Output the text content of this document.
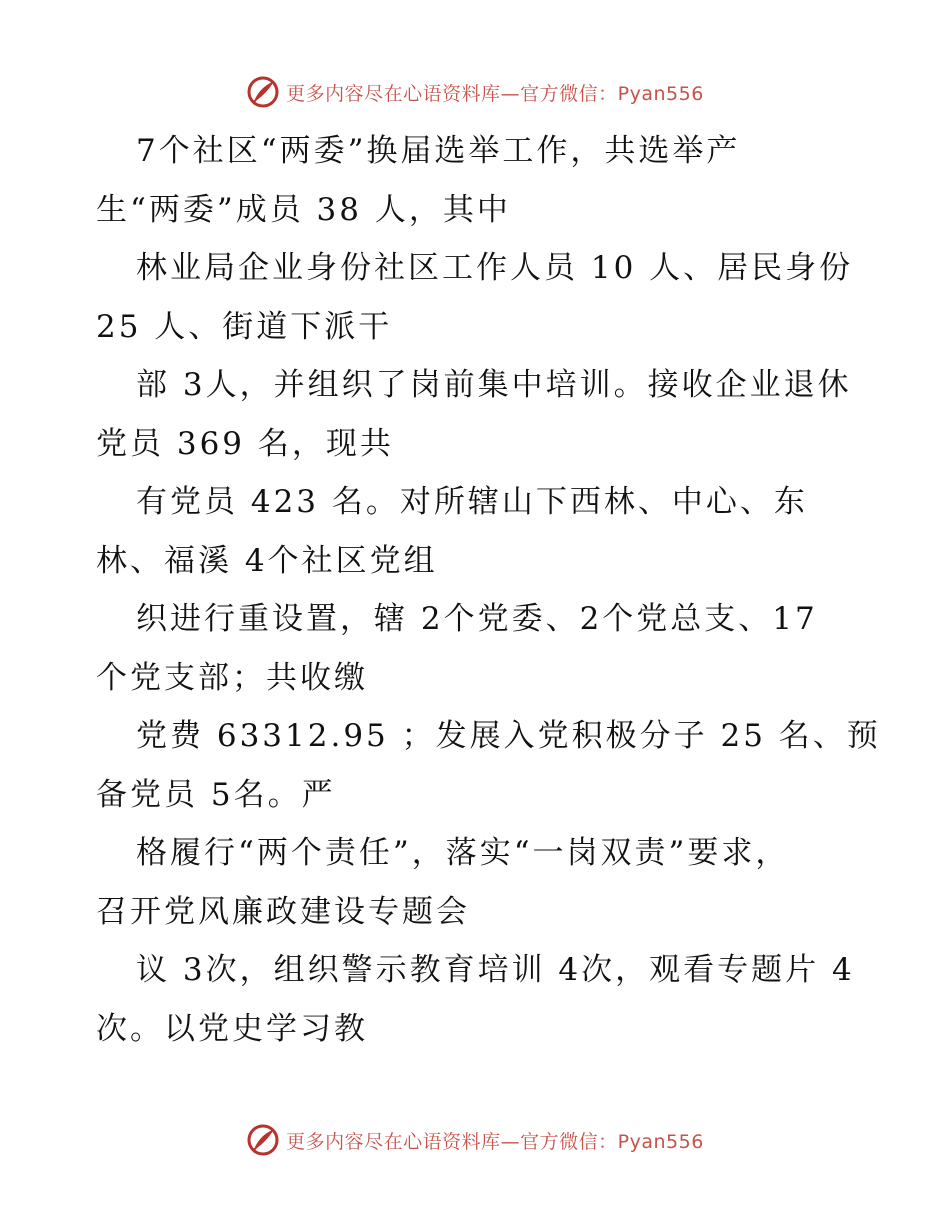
更多内容尽在心语资料库—官方微信：Pyan556
7个社区“两委”换届选举工作，共选举产
生“两委”成员 38 人，其中
林业局企业身份社区工作人员 10 人、居民身份
25 人、街道下派干
部 3人，并组织了岗前集中培训。接收企业退休
党员 369 名，现共
有党员 423 名。对所辖山下西林、中心、东
林、福溪 4个社区党组
织进行重设置，辖 2个党委、2个党总支、17
个党支部；共收缴
党费 63312.95 ；发展入党积极分子 25 名、预
备党员 5名。严
格履行“两个责任”，落实“一岗双责”要求，
召开党风廉政建设专题会
议 3次，组织警示教育培训 4次，观看专题片 4
次。以党史学习教
更多内容尽在心语资料库—官方微信：Pyan556
